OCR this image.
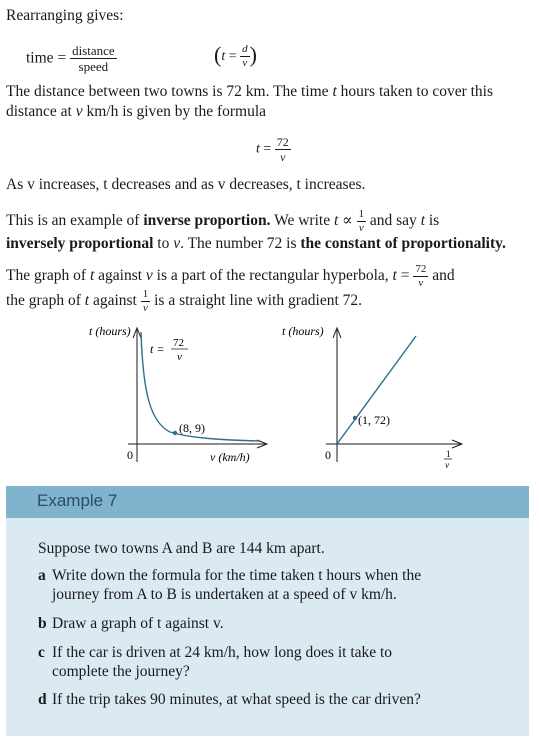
Rearranging gives:
time = $\frac{\text{distance}}{\text{speed}}$	($t = \frac{d}{v}$ )
The distance between two towns is 72 km. The time t hours taken to cover this distance at v km/h is given by the formula
$t = \frac{72}{v}$
As v increases, t decreases and as v decreases, t increases.
This is an example of inverse proportion. We write $t \propto \frac{1}{v}$ and say t is
inversely proportional to v. The number 72 is the constant of proportionality.
The graph of t against v is a part of the rectangular hyperbola, $t = \frac{72}{v}$ and
the graph of t against $\frac{1}{v}$ is a straight line with gradient 72.
t (hours)
t = 72
v
(8, 9)
0	v (km/h)
t (hours)
(1, 72)
0	1
v
Example 7
Suppose two towns A and B are 144 km apart.
a Write down the formula for the time taken t hours when the
journey from A to B is undertaken at a speed of v km/h.
b Draw a graph of t against v.
c If the car is driven at 24 km/h, how long does it take to
complete the journey?
d If the trip takes 90 minutes, at what speed is the car driven?
